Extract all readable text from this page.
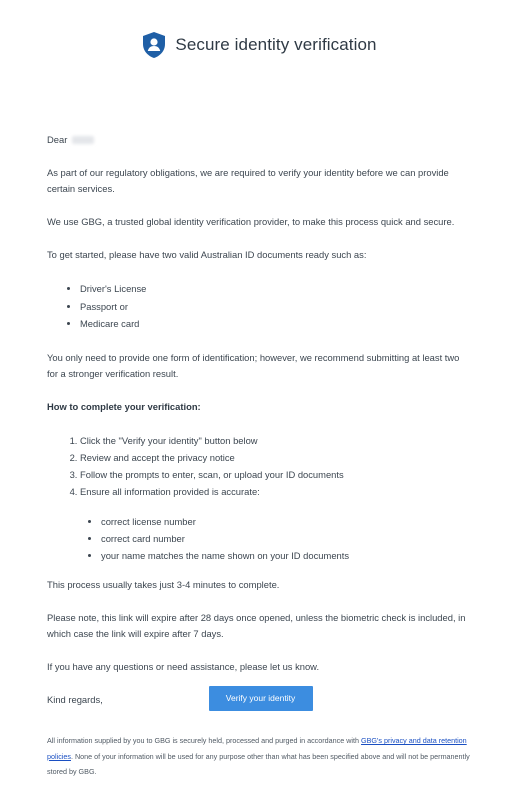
Secure identity verification

Dear

As part of our regulatory obligations, we are required to verify your identity before we can provide certain services.

We use GBG, a trusted global identity verification provider, to make this process quick and secure.

To get started, please have two valid Australian ID documents ready such as:

• Driver's License
• Passport or
• Medicare card

You only need to provide one form of identification; however, we recommend submitting at least two for a stronger verification result.

How to complete your verification:

1. Click the "Verify your identity" button below
2. Review and accept the privacy notice
3. Follow the prompts to enter, scan, or upload your ID documents
4. Ensure all information provided is accurate:
• correct license number
• correct card number
• your name matches the name shown on your ID documents

This process usually takes just 3-4 minutes to complete.

Please note, this link will expire after 28 days once opened, unless the biometric check is included, in which case the link will expire after 7 days.

If you have any questions or need assistance, please let us know.

Kind regards,	Verify your identity
All information supplied by you to GBG is securely held, processed and purged in accordance with GBG's privacy and data retention policies. None of your information will be used for any purpose other than what has been specified above and will not be permanently stored by GBG.
